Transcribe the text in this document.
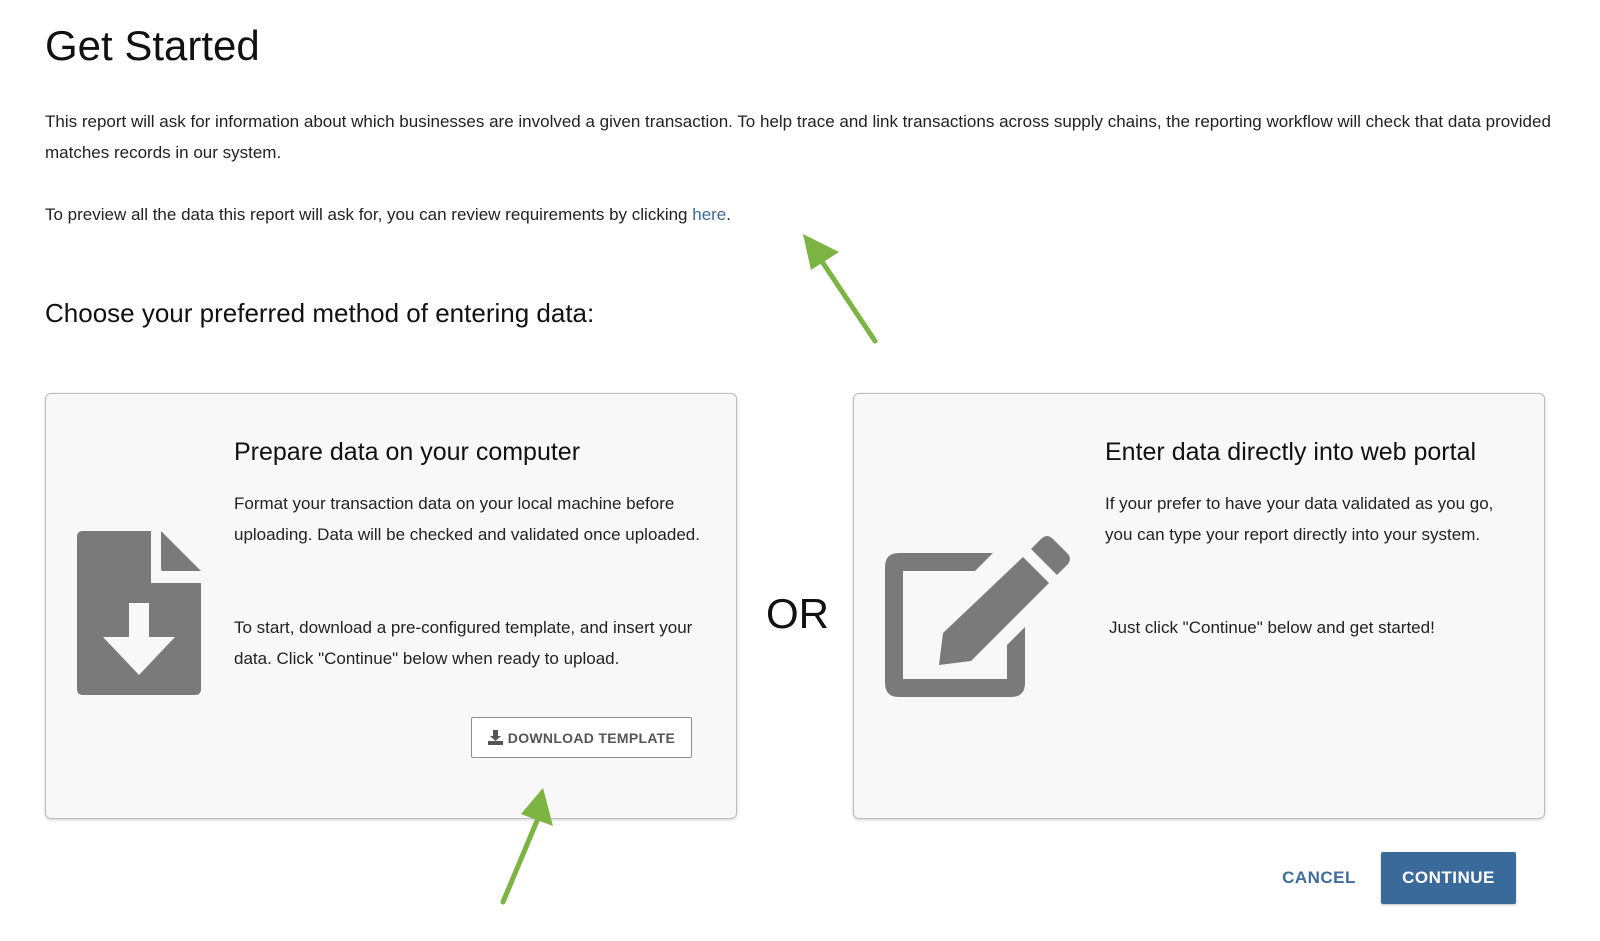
Get Started

This report will ask for information about which businesses are involved a given transaction. To help trace and link transactions across supply chains, the reporting workflow will check that data provided matches records in our system.

To preview all the data this report will ask for, you can review requirements by clicking here.

Choose your preferred method of entering data:
Prepare data on your computer

Format your transaction data on your local machine before uploading. Data will be checked and validated once uploaded.

To start, download a pre-configured template, and insert your data. Click "Continue" below when ready to upload.

DOWNLOAD TEMPLATE
OR
Enter data directly into web portal

If your prefer to have your data validated as you go, you can type your report directly into your system.

Just click "Continue" below and get started!

CANCEL	CONTINUE
